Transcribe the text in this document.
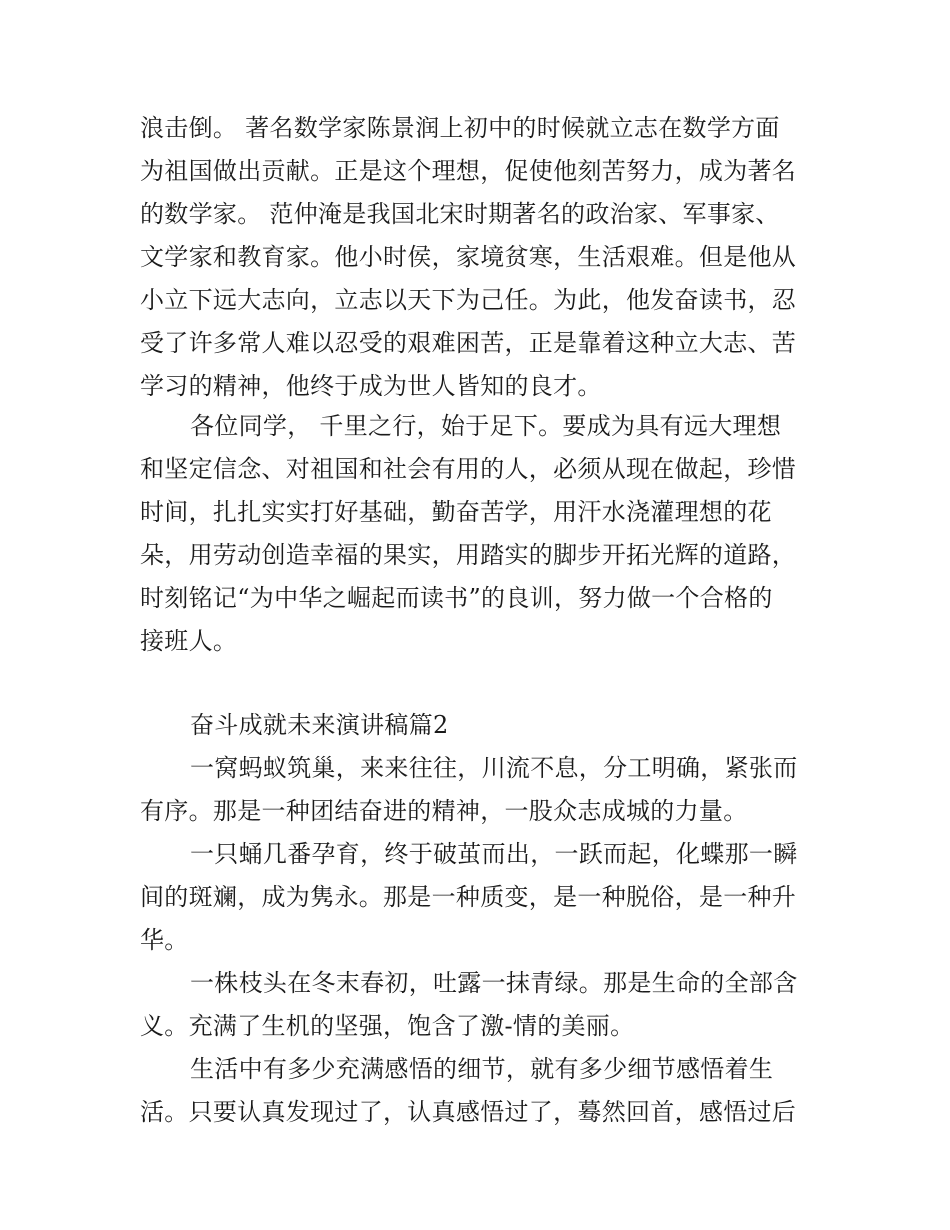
浪击倒。 著名数学家陈景润上初中的时候就立志在数学方面
为祖国做出贡献。正是这个理想，促使他刻苦努力，成为著名
的数学家。 范仲淹是我国北宋时期著名的政治家、军事家、
文学家和教育家。他小时侯，家境贫寒，生活艰难。但是他从
小立下远大志向，立志以天下为己任。为此，他发奋读书，忍
受了许多常人难以忍受的艰难困苦，正是靠着这种立大志、苦
学习的精神，他终于成为世人皆知的良才。
各位同学， 千里之行，始于足下。要成为具有远大理想
和坚定信念、对祖国和社会有用的人，必须从现在做起，珍惜
时间，扎扎实实打好基础，勤奋苦学，用汗水浇灌理想的花
朵，用劳动创造幸福的果实，用踏实的脚步开拓光辉的道路，
时刻铭记“为中华之崛起而读书”的良训，努力做一个合格的
接班人。
奋斗成就未来演讲稿篇2
一窝蚂蚁筑巢，来来往往，川流不息，分工明确，紧张而
有序。那是一种团结奋进的精神，一股众志成城的力量。
一只蛹几番孕育，终于破茧而出，一跃而起，化蝶那一瞬
间的斑斓，成为隽永。那是一种质变，是一种脱俗，是一种升
华。
一株枝头在冬末春初，吐露一抹青绿。那是生命的全部含
义。充满了生机的坚强，饱含了激-情的美丽。
生活中有多少充满感悟的细节，就有多少细节感悟着生
活。只要认真发现过了，认真感悟过了，蓦然回首，感悟过后
